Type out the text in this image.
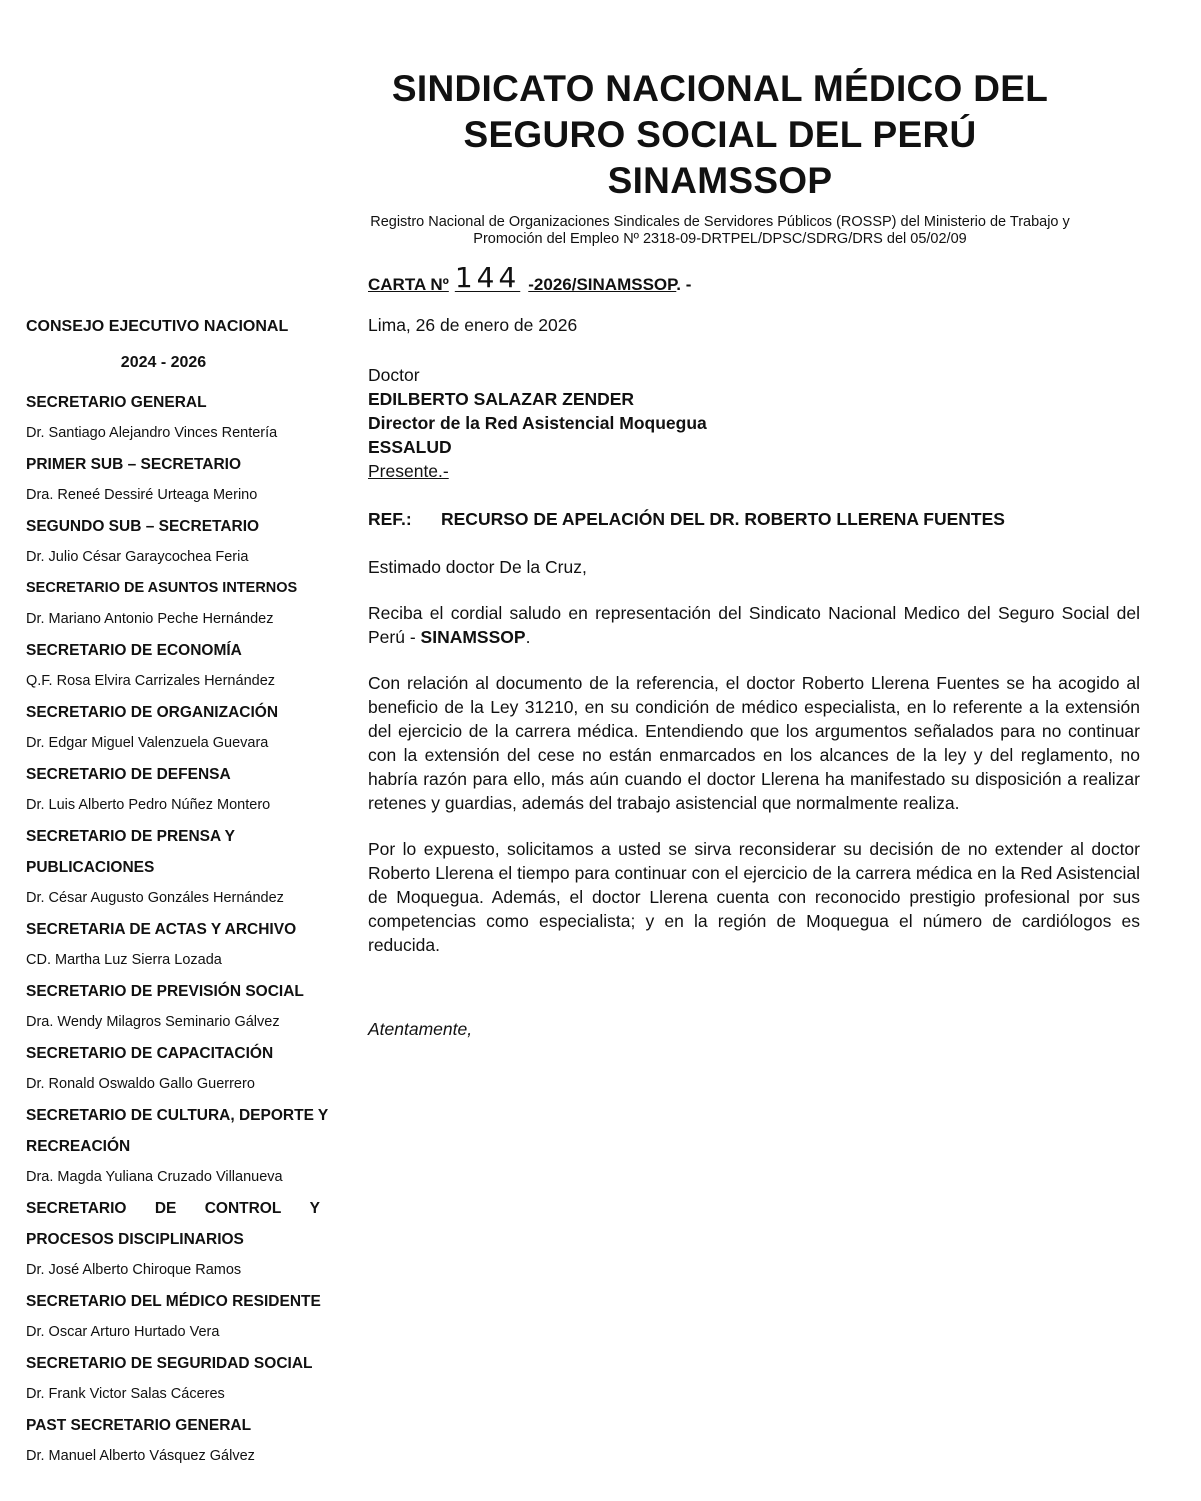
SINDICATO NACIONAL MÉDICO DEL
SEGURO SOCIAL DEL PERÚ
SINAMSSOP
Registro Nacional de Organizaciones Sindicales de Servidores Públicos (ROSSP) del Ministerio de Trabajo y
Promoción del Empleo Nº 2318-09-DRTPEL/DPSC/SDRG/DRS del 05/02/09
CARTA Nº 144 -2026/SINAMSSOP. -
CONSEJO EJECUTIVO NACIONAL
2024 - 2026
SECRETARIO GENERAL
Dr. Santiago Alejandro Vinces Rentería
PRIMER SUB – SECRETARIO
Dra. Reneé Dessiré Urteaga Merino
SEGUNDO SUB – SECRETARIO
Dr. Julio César Garaycochea Feria
SECRETARIO DE ASUNTOS INTERNOS
Dr. Mariano Antonio Peche Hernández
SECRETARIO DE ECONOMÍA
Q.F. Rosa Elvira Carrizales Hernández
SECRETARIO DE ORGANIZACIÓN
Dr. Edgar Miguel Valenzuela Guevara
SECRETARIO DE DEFENSA
Dr. Luis Alberto Pedro Núñez Montero
SECRETARIO DE PRENSA Y
PUBLICACIONES
Dr. César Augusto Gonzáles Hernández
SECRETARIA DE ACTAS Y ARCHIVO
CD. Martha Luz Sierra Lozada
SECRETARIO DE PREVISIÓN SOCIAL
Dra. Wendy Milagros Seminario Gálvez
SECRETARIO DE CAPACITACIÓN
Dr. Ronald Oswaldo Gallo Guerrero
SECRETARIO DE CULTURA, DEPORTE Y
RECREACIÓN
Dra. Magda Yuliana Cruzado Villanueva
SECRETARIO DE CONTROL Y
PROCESOS DISCIPLINARIOS
Dr. José Alberto Chiroque Ramos
SECRETARIO DEL MÉDICO RESIDENTE
Dr. Oscar Arturo Hurtado Vera
SECRETARIO DE SEGURIDAD SOCIAL
Dr. Frank Victor Salas Cáceres
PAST SECRETARIO GENERAL
Dr. Manuel Alberto Vásquez Gálvez

Lima, 26 de enero de 2026

Doctor

EDILBERTO SALAZAR ZENDER

Director de la Red Asistencial Moquegua

ESSALUD

Presente.-

REF.:	RECURSO DE APELACIÓN DEL DR. ROBERTO LLERENA FUENTES

Estimado doctor De la Cruz,

Reciba el cordial saludo en representación del Sindicato Nacional Medico del Seguro Social del Perú - SINAMSSOP.

Con relación al documento de la referencia, el doctor Roberto Llerena Fuentes se ha acogido al beneficio de la Ley 31210, en su condición de médico especialista, en lo referente a la extensión del ejercicio de la carrera médica. Entendiendo que los argumentos señalados para no continuar con la extensión del cese no están enmarcados en los alcances de la ley y del reglamento, no habría razón para ello, más aún cuando el doctor Llerena ha manifestado su disposición a realizar retenes y guardias, además del trabajo asistencial que normalmente realiza.

Por lo expuesto, solicitamos a usted se sirva reconsiderar su decisión de no extender al doctor Roberto Llerena el tiempo para continuar con el ejercicio de la carrera médica en la Red Asistencial de Moquegua. Además, el doctor Llerena cuenta con reconocido prestigio profesional por sus competencias como especialista; y en la región de Moquegua el número de cardiólogos es reducida.

Atentamente,
